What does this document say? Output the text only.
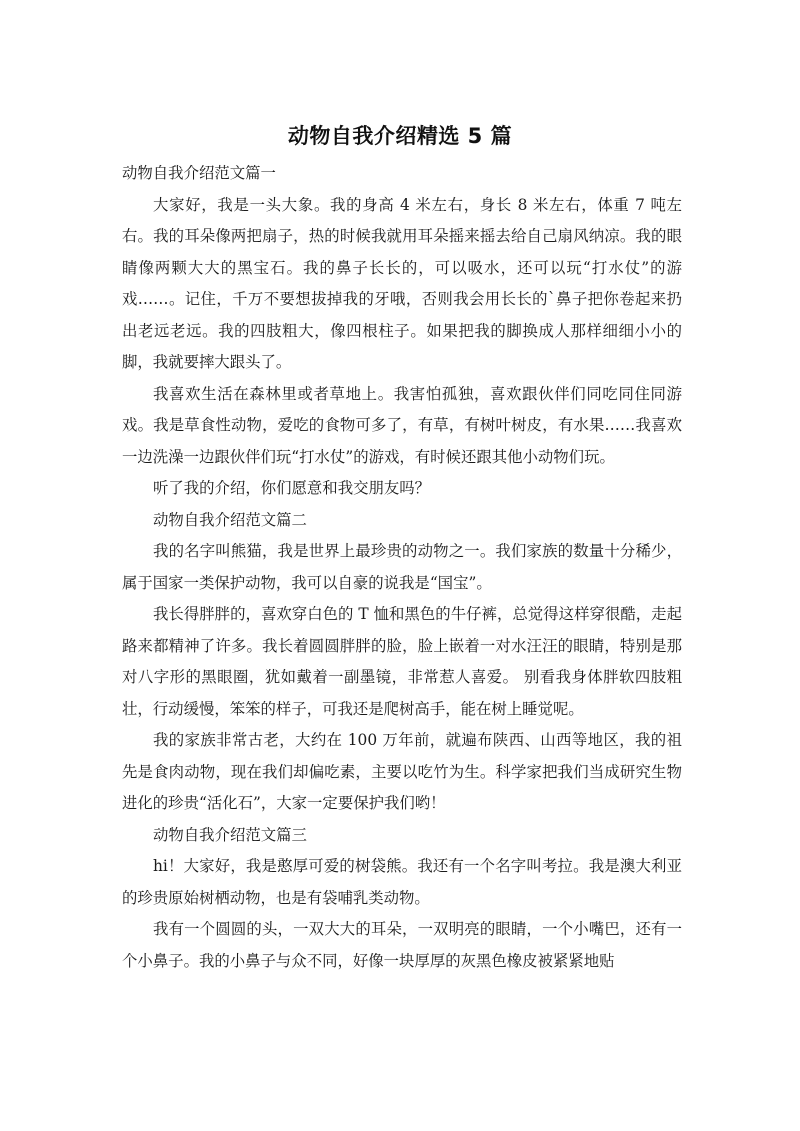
动物自我介绍精选 5 篇

动物自我介绍范文篇一

大家好，我是一头大象。我的身高 4 米左右，身长 8 米左右，体重 7 吨左右。我的耳朵像两把扇子，热的时候我就用耳朵摇来摇去给自己扇风纳凉。我的眼睛像两颗大大的黑宝石。我的鼻子长长的，可以吸水，还可以玩“打水仗”的游戏……。记住，千万不要想拔掉我的牙哦，否则我会用长长的`鼻子把你卷起来扔出老远老远。我的四肢粗大，像四根柱子。如果把我的脚换成人那样细细小小的脚，我就要摔大跟头了。

我喜欢生活在森林里或者草地上。我害怕孤独，喜欢跟伙伴们同吃同住同游戏。我是草食性动物，爱吃的食物可多了，有草，有树叶树皮，有水果……我喜欢一边洗澡一边跟伙伴们玩“打水仗”的游戏，有时候还跟其他小动物们玩。

听了我的介绍，你们愿意和我交朋友吗？

动物自我介绍范文篇二

我的名字叫熊猫，我是世界上最珍贵的动物之一。我们家族的数量十分稀少，属于国家一类保护动物，我可以自豪的说我是“国宝”。

我长得胖胖的，喜欢穿白色的 T 恤和黑色的牛仔裤，总觉得这样穿很酷，走起路来都精神了许多。我长着圆圆胖胖的脸，脸上嵌着一对水汪汪的眼睛，特别是那对八字形的黑眼圈，犹如戴着一副墨镜，非常惹人喜爱。 别看我身体胖软四肢粗壮，行动缓慢，笨笨的样子，可我还是爬树高手，能在树上睡觉呢。

我的家族非常古老，大约在 100 万年前，就遍布陕西、山西等地区，我的祖先是食肉动物，现在我们却偏吃素，主要以吃竹为生。科学家把我们当成研究生物进化的珍贵“活化石”，大家一定要保护我们哟！

动物自我介绍范文篇三

hi！大家好，我是憨厚可爱的树袋熊。我还有一个名字叫考拉。我是澳大利亚的珍贵原始树栖动物，也是有袋哺乳类动物。

我有一个圆圆的头，一双大大的耳朵，一双明亮的眼睛，一个小嘴巴，还有一个小鼻子。我的小鼻子与众不同，好像一块厚厚的灰黑色橡皮被紧紧地贴
